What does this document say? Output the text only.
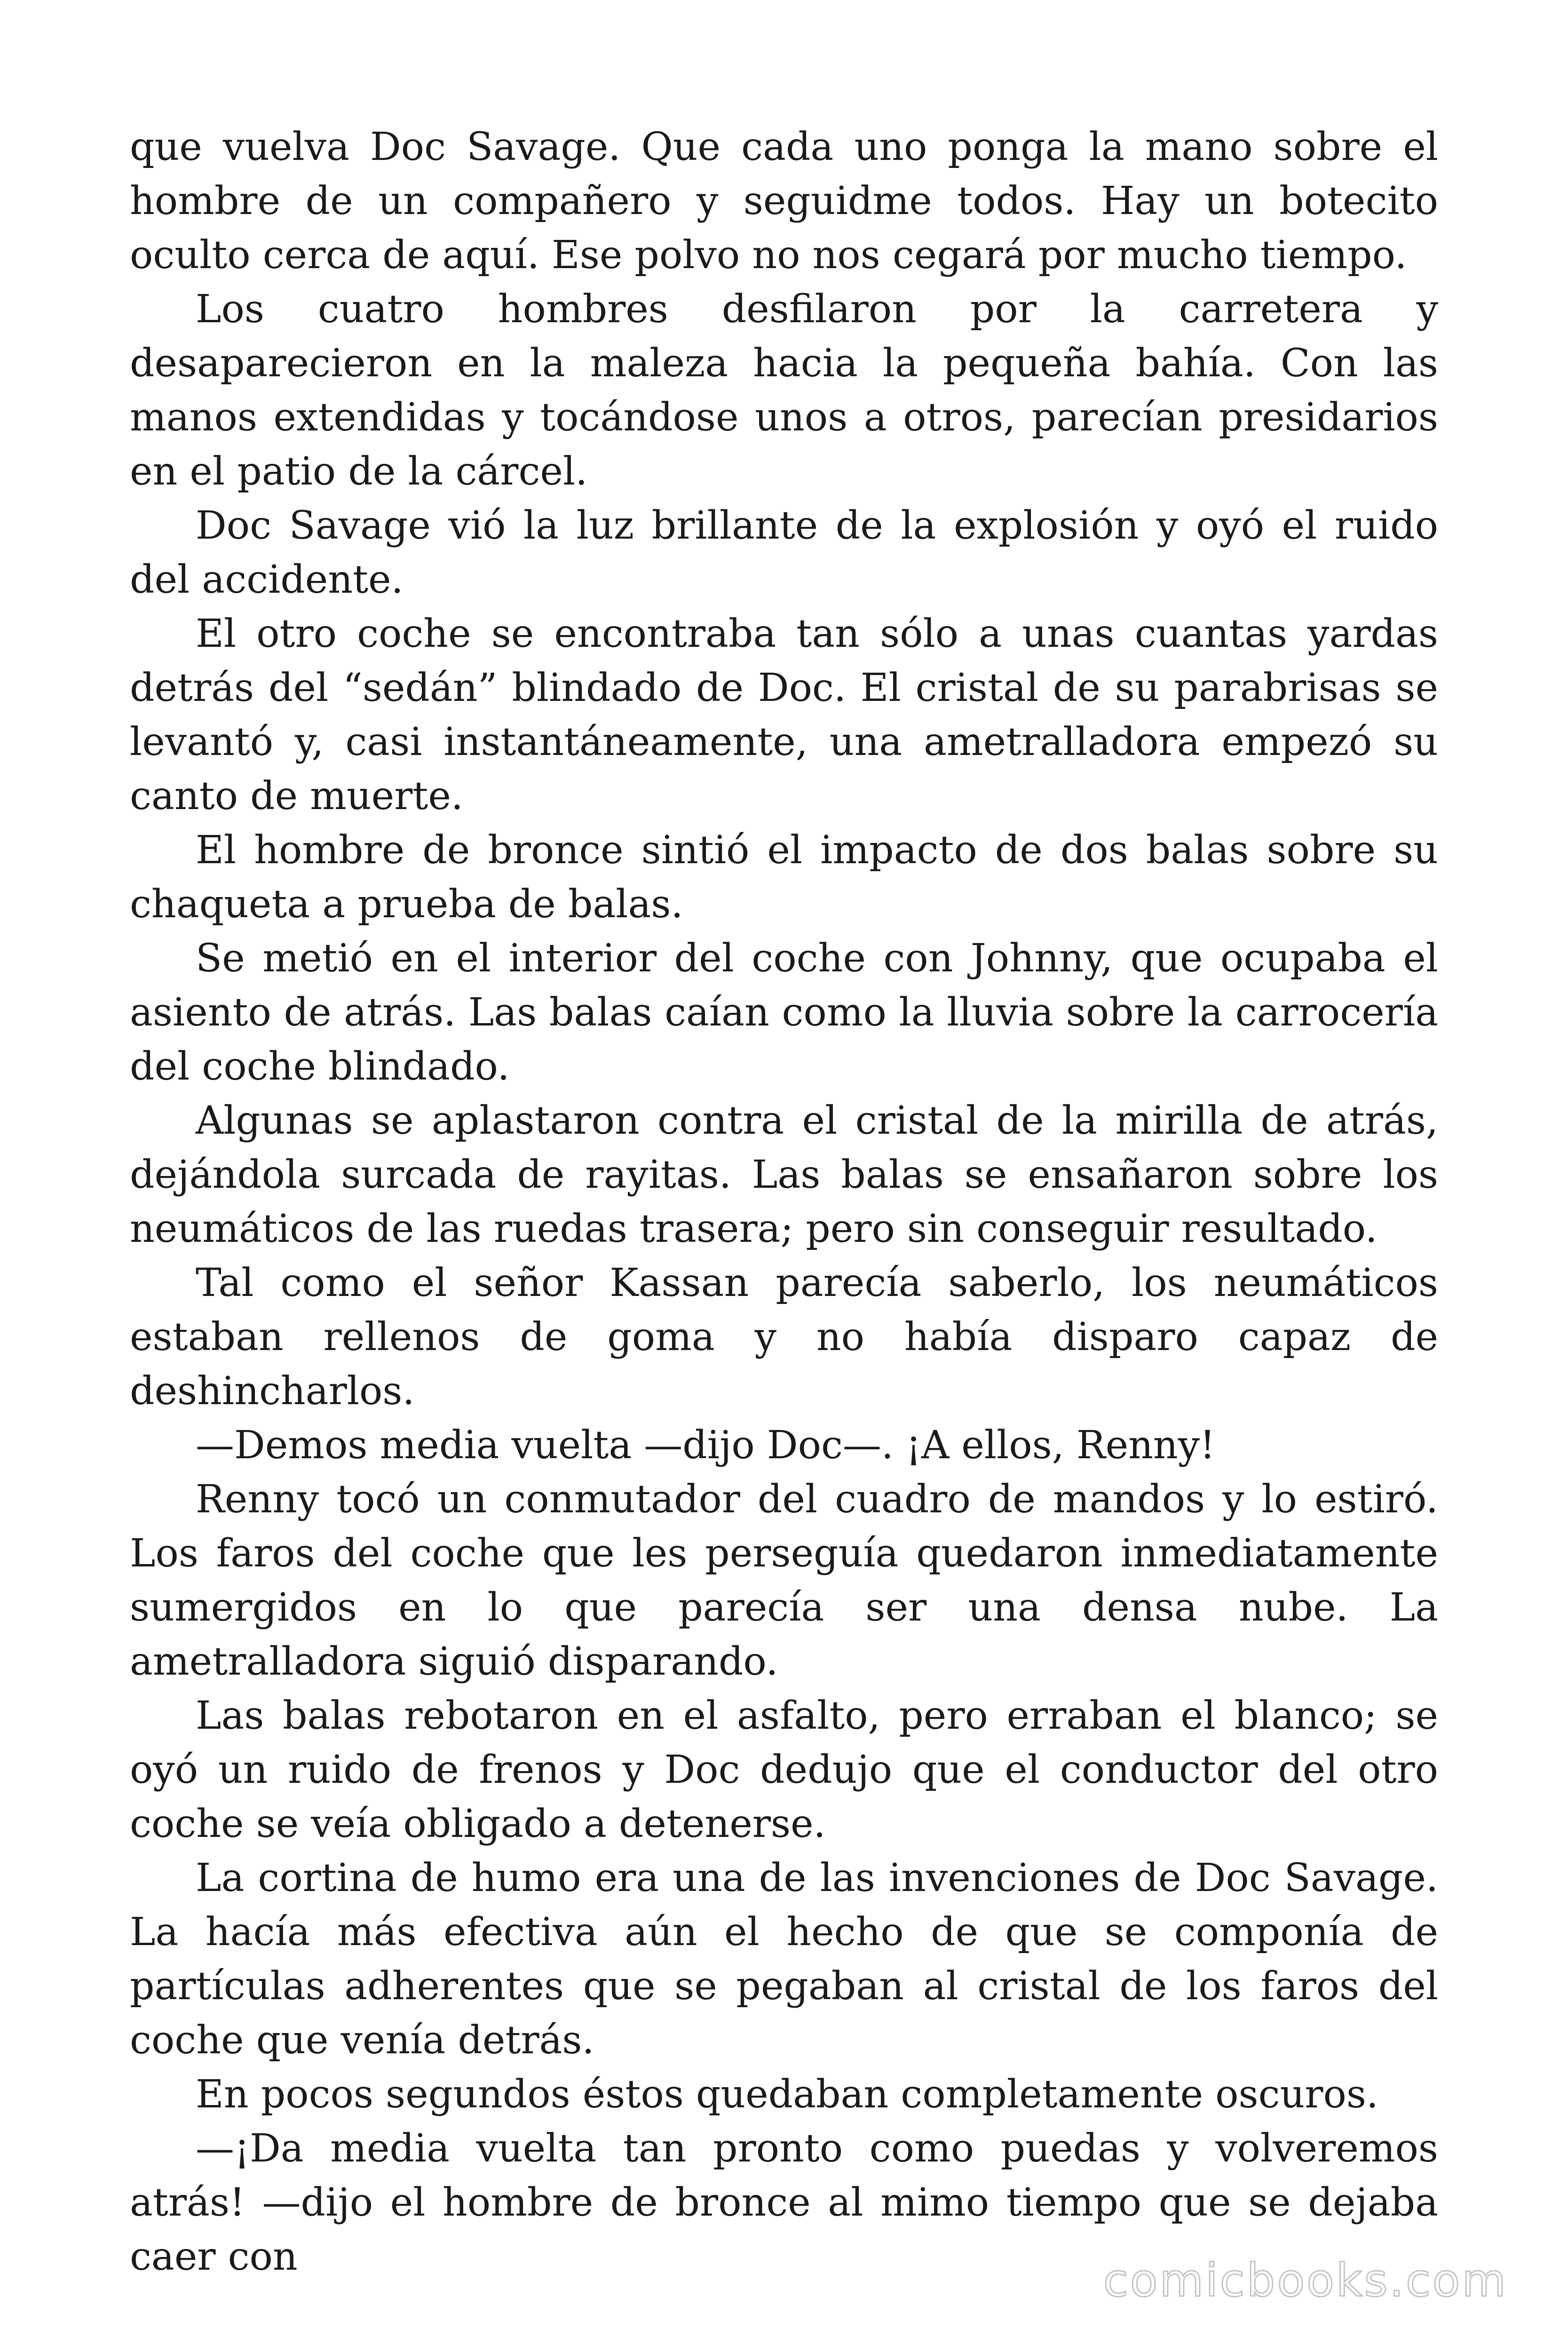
que vuelva Doc Savage. Que cada uno ponga la mano sobre el hombre de un compañero y seguidme todos. Hay un botecito oculto cerca de aquí. Ese polvo no nos cegará por mucho tiempo.

Los cuatro hombres desfilaron por la carretera y desaparecieron en la maleza hacia la pequeña bahía. Con las manos extendidas y tocándose unos a otros, parecían presidarios en el patio de la cárcel.

Doc Savage vió la luz brillante de la explosión y oyó el ruido del accidente.

El otro coche se encontraba tan sólo a unas cuantas yardas detrás del “sedán” blindado de Doc. El cristal de su parabrisas se levantó y, casi instantáneamente, una ametralladora empezó su canto de muerte.

El hombre de bronce sintió el impacto de dos balas sobre su chaqueta a prueba de balas.

Se metió en el interior del coche con Johnny, que ocupaba el asiento de atrás. Las balas caían como la lluvia sobre la carrocería del coche blindado.

Algunas se aplastaron contra el cristal de la mirilla de atrás, dejándola surcada de rayitas. Las balas se ensañaron sobre los neumáticos de las ruedas trasera; pero sin conseguir resultado.

Tal como el señor Kassan parecía saberlo, los neumáticos estaban rellenos de goma y no había disparo capaz de deshincharlos.

—Demos media vuelta —dijo Doc—. ¡A ellos, Renny!

Renny tocó un conmutador del cuadro de mandos y lo estiró. Los faros del coche que les perseguía quedaron inmediatamente sumergidos en lo que parecía ser una densa nube. La ametralladora siguió disparando.

Las balas rebotaron en el asfalto, pero erraban el blanco; se oyó un ruido de frenos y Doc dedujo que el conductor del otro coche se veía obligado a detenerse.

La cortina de humo era una de las invenciones de Doc Savage. La hacía más efectiva aún el hecho de que se componía de partículas adherentes que se pegaban al cristal de los faros del coche que venía detrás.

En pocos segundos éstos quedaban completamente oscuros.

—¡Da media vuelta tan pronto como puedas y volveremos atrás! —dijo el hombre de bronce al mimo tiempo que se dejaba caer con	comicbooks.com
